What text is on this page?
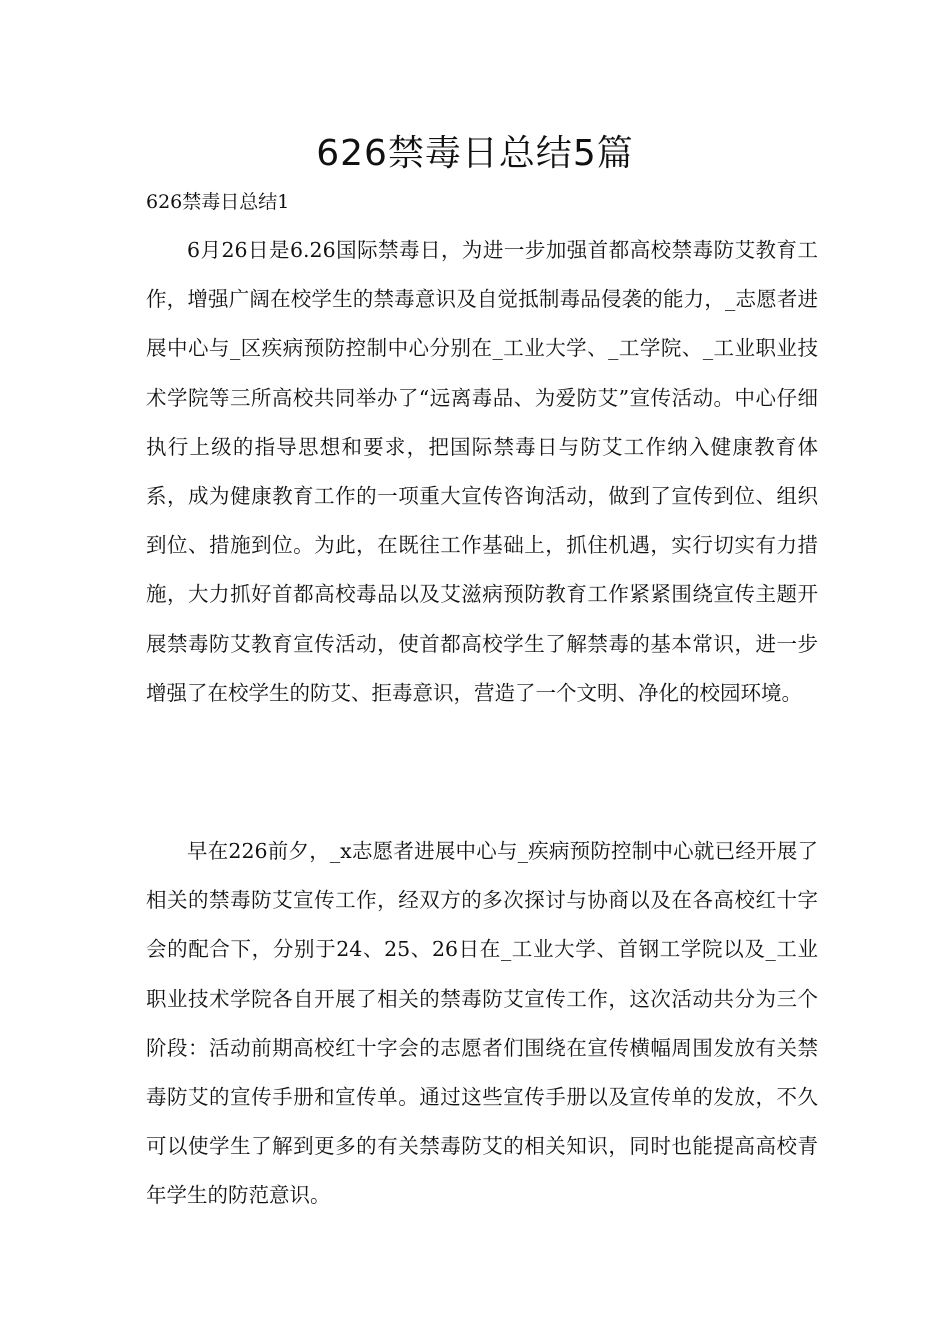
626禁毒日总结5篇

626禁毒日总结1

6月26日是6.26国际禁毒日，为进一步加强首都高校禁毒防艾教育工作，增强广阔在校学生的禁毒意识及自觉抵制毒品侵袭的能力，_志愿者进展中心与_区疾病预防控制中心分别在_工业大学、_工学院、_工业职业技术学院等三所高校共同举办了“远离毒品、为爱防艾”宣传活动。中心仔细执行上级的指导思想和要求，把国际禁毒日与防艾工作纳入健康教育体系，成为健康教育工作的一项重大宣传咨询活动，做到了宣传到位、组织到位、措施到位。为此，在既往工作基础上，抓住机遇，实行切实有力措施，大力抓好首都高校毒品以及艾滋病预防教育工作紧紧围绕宣传主题开展禁毒防艾教育宣传活动，使首都高校学生了解禁毒的基本常识，进一步增强了在校学生的防艾、拒毒意识，营造了一个文明、净化的校园环境。

早在226前夕，_x志愿者进展中心与_疾病预防控制中心就已经开展了相关的禁毒防艾宣传工作，经双方的多次探讨与协商以及在各高校红十字会的配合下，分别于24、25、26日在_工业大学、首钢工学院以及_工业职业技术学院各自开展了相关的禁毒防艾宣传工作，这次活动共分为三个阶段：活动前期高校红十字会的志愿者们围绕在宣传横幅周围发放有关禁毒防艾的宣传手册和宣传单。通过这些宣传手册以及宣传单的发放，不久可以使学生了解到更多的有关禁毒防艾的相关知识，同时也能提高高校青年学生的防范意识。
